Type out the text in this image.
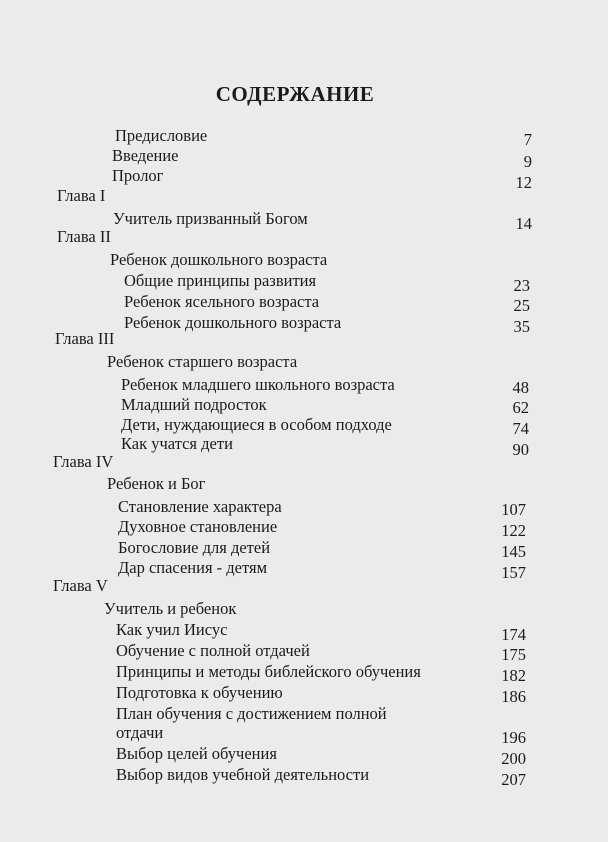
СОДЕРЖАНИЕ
Предисловие	7
Введение	9
Пролог	12
Глава I
Учитель призванный Богом	14
Глава II
Ребенок дошкольного возраста
Общие принципы развития	23
Ребенок ясельного возраста	25
Ребенок дошкольного возраста	35
Глава III
Ребенок старшего возраста
Ребенок младшего школьного возраста	48
Младший подросток	62
Дети, нуждающиеся в особом подходе	74
Как учатся дети	90
Глава IV
Ребенок и Бог
Становление характера	107
Духовное становление	122
Богословие для детей	145
Дар спасения - детям	157
Глава V
Учитель и ребенок
Как учил Иисус	174
Обучение с полной отдачей	175
Принципы и методы библейского обучения	182
Подготовка к обучению	186
План обучения с достижением полной
отдачи	196
Выбор целей обучения	200
Выбор видов учебной деятельности	207
